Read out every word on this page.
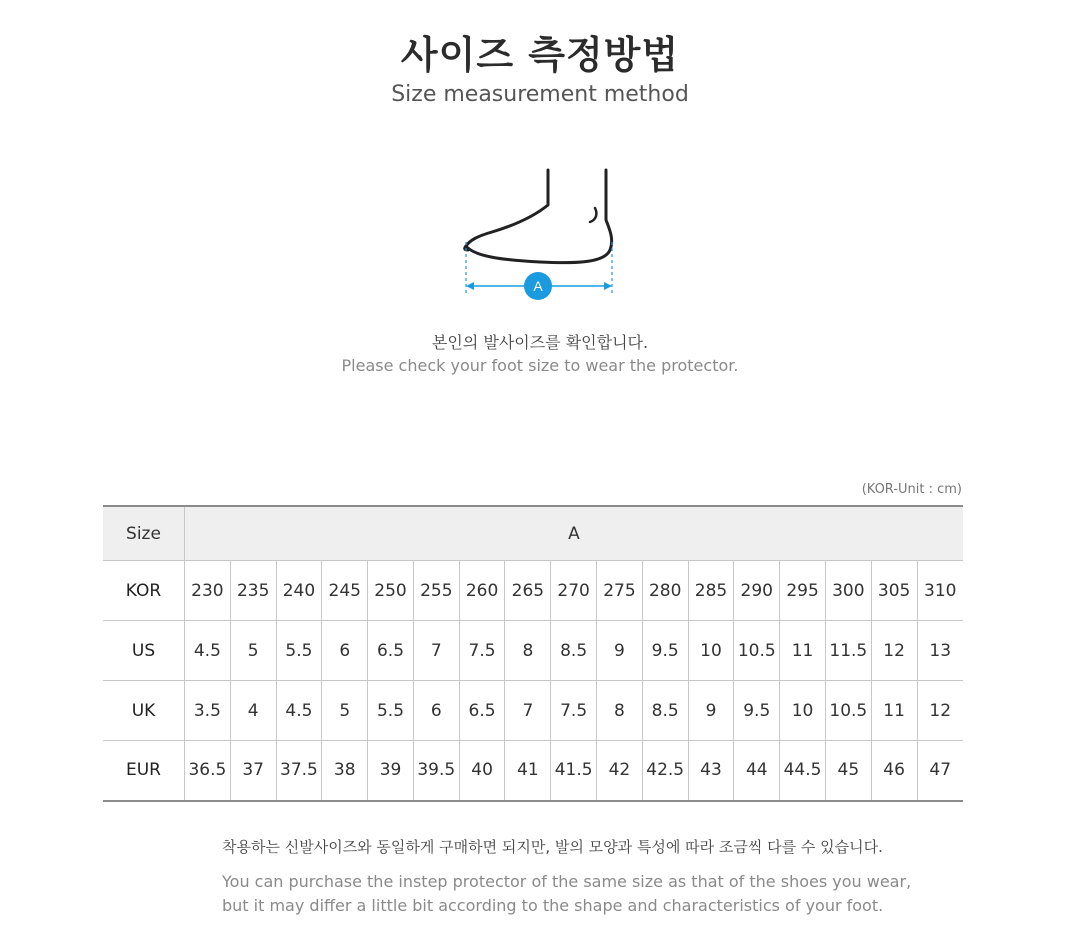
사이즈 측정방법
Size measurement method
A
본인의 발사이즈를 확인합니다.
Please check your foot size to wear the protector.
(KOR-Unit : cm)
Size	A																
KOR	230	235	240	245	250	255	260	265	270	275	280	285	290	295	300	305	310
US	4.5	5	5.5	6	6.5	7	7.5	8	8.5	9	9.5	10	10.5	11	11.5	12	13
UK	3.5	4	4.5	5	5.5	6	6.5	7	7.5	8	8.5	9	9.5	10	10.5	11	12
EUR	36.5	37	37.5	38	39	39.5	40	41	41.5	42	42.5	43	44	44.5	45	46	47
착용하는 신발사이즈와 동일하게 구매하면 되지만, 발의 모양과 특성에 따라 조금씩 다를 수 있습니다.
You can purchase the instep protector of the same size as that of the shoes you wear,
but it may differ a little bit according to the shape and characteristics of your foot.
